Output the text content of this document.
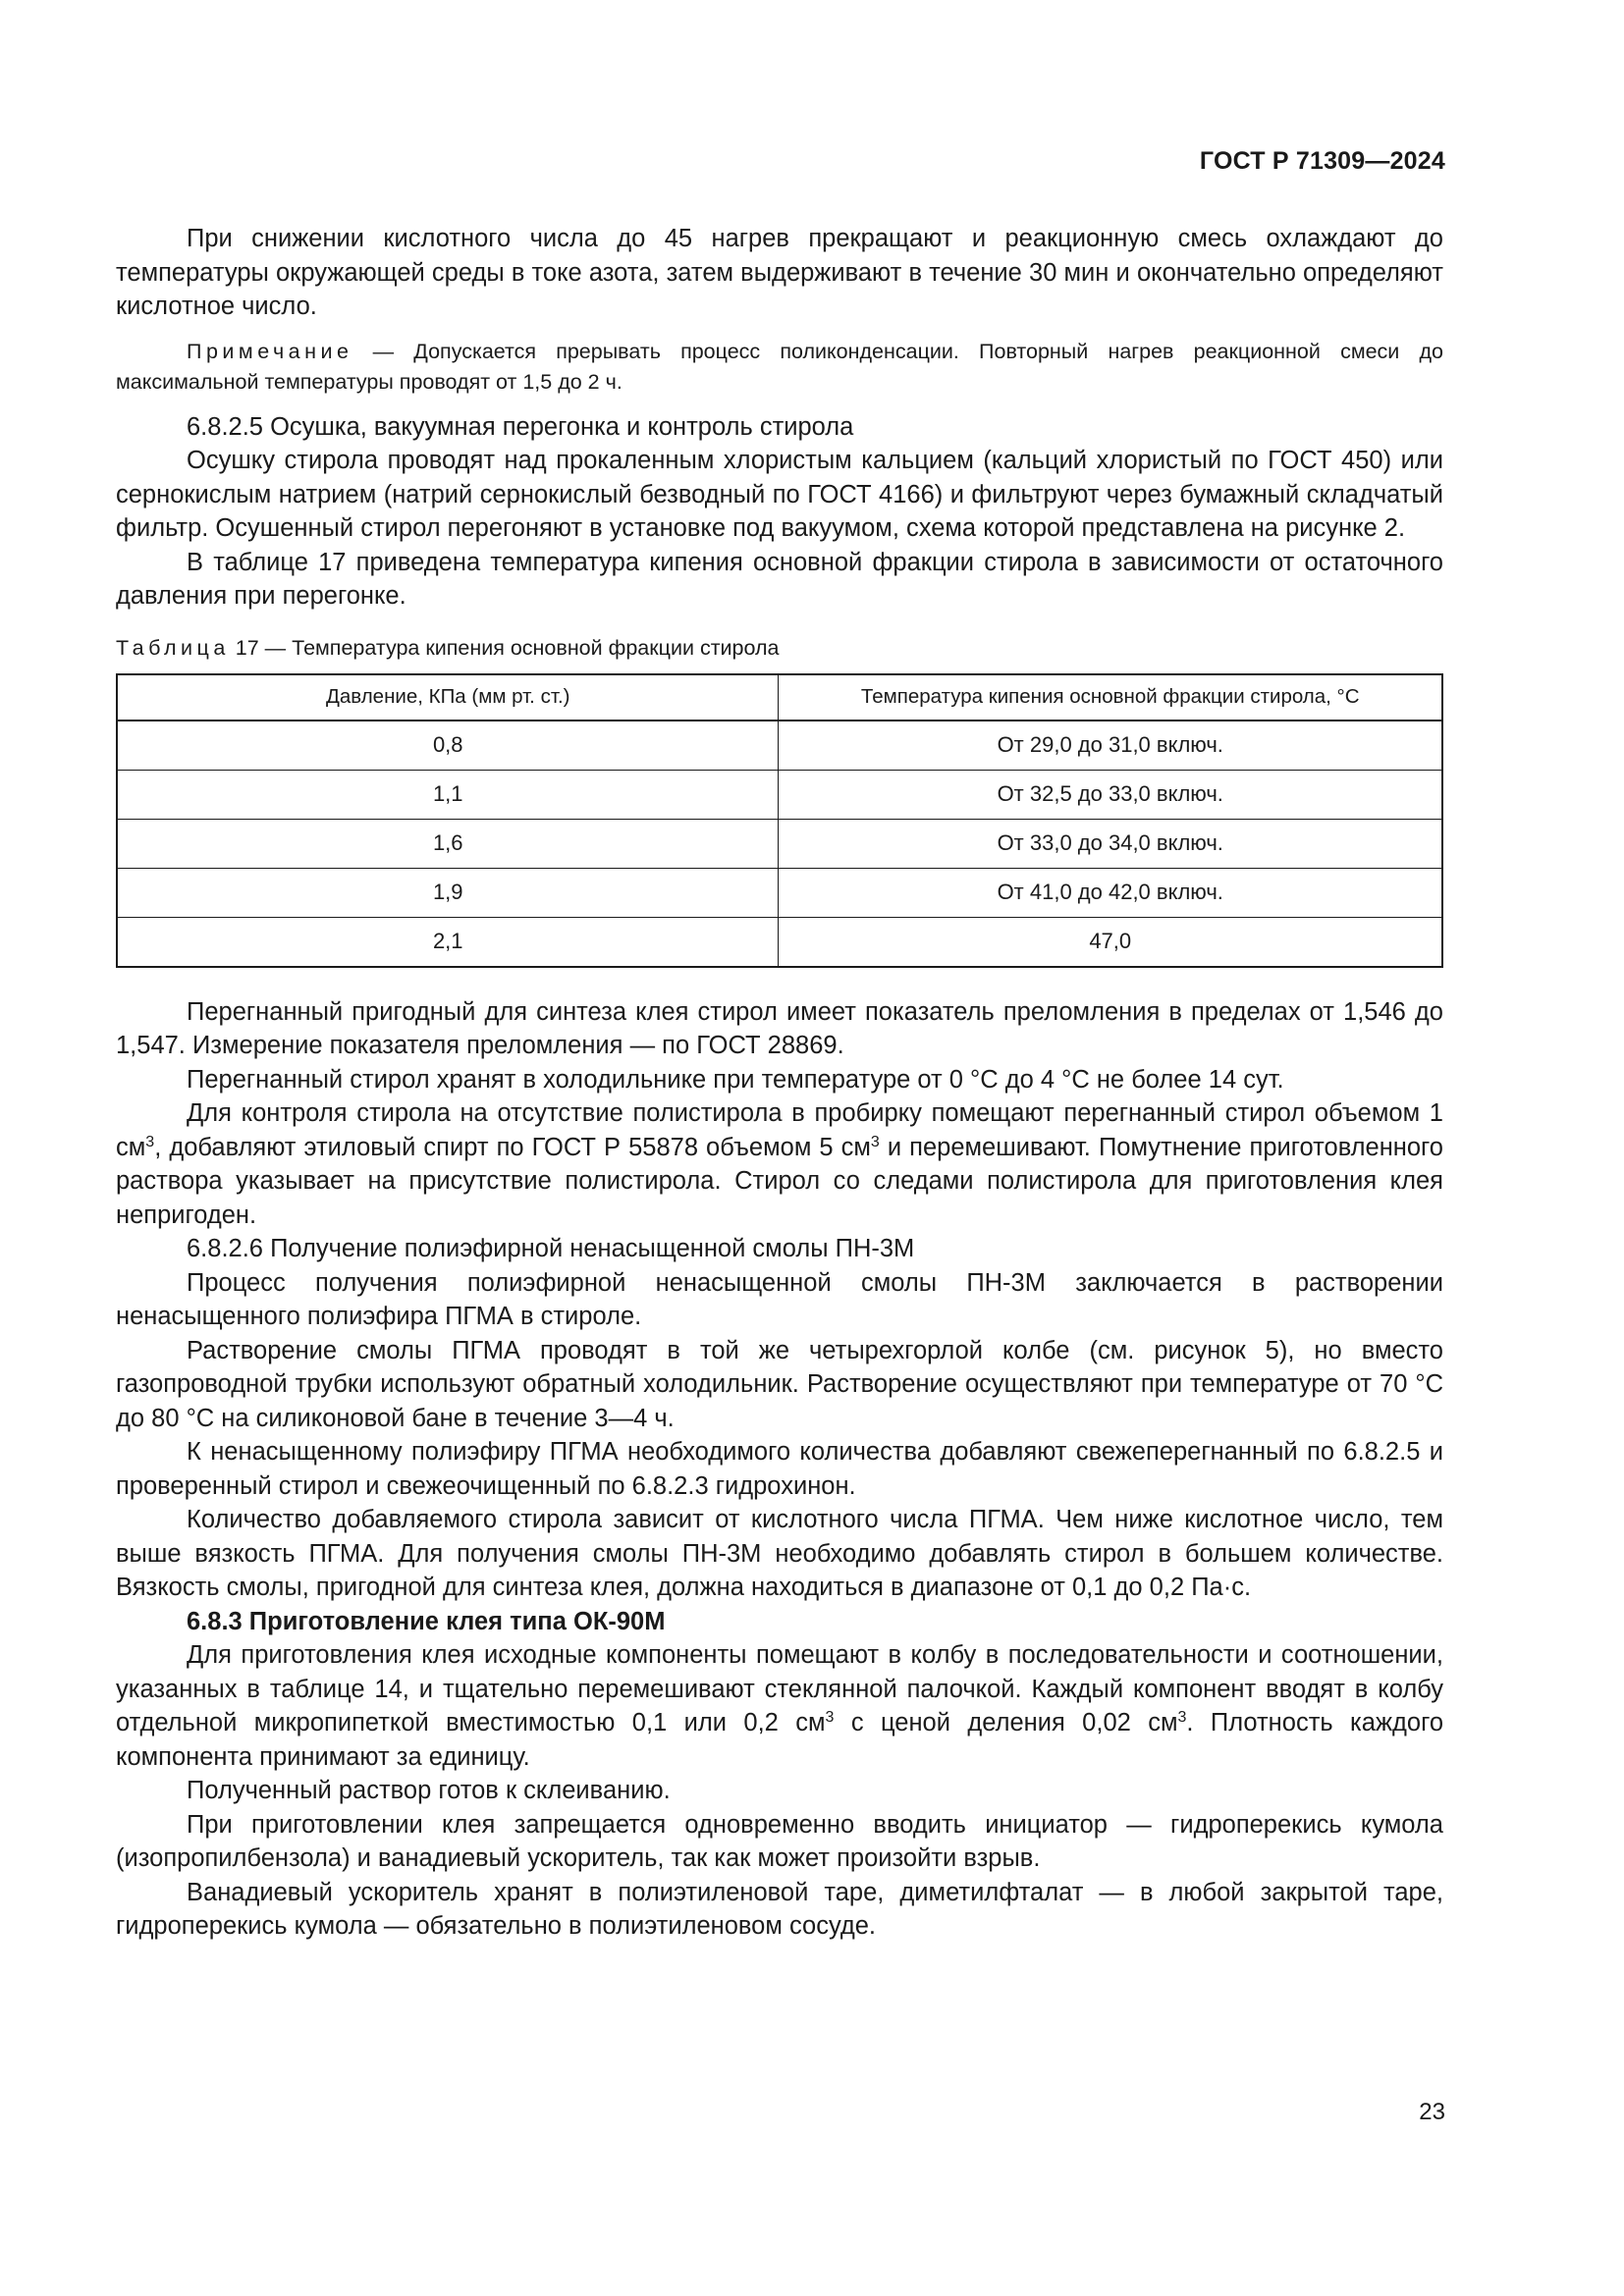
ГОСТ Р 71309—2024

При снижении кислотного числа до 45 нагрев прекращают и реакционную смесь охлаждают до температуры окружающей среды в токе азота, затем выдерживают в течение 30 мин и окончательно определяют кислотное число.

Примечание — Допускается прерывать процесс поликонденсации. Повторный нагрев реакционной смеси до максимальной температуры проводят от 1,5 до 2 ч.

6.8.2.5 Осушка, вакуумная перегонка и контроль стирола

Осушку стирола проводят над прокаленным хлористым кальцием (кальций хлористый по ГОСТ 450) или сернокислым натрием (натрий сернокислый безводный по ГОСТ 4166) и фильтруют через бумажный складчатый фильтр. Осушенный стирол перегоняют в установке под вакуумом, схема которой представлена на рисунке 2.

В таблице 17 приведена температура кипения основной фракции стирола в зависимости от остаточного давления при перегонке.

Таблица 17 — Температура кипения основной фракции стирола
Давление, КПа (мм рт. ст.)	Температура кипения основной фракции стирола, °С
0,8	От 29,0 до 31,0 включ.
1,1	От 32,5 до 33,0 включ.
1,6	От 33,0 до 34,0 включ.
1,9	От 41,0 до 42,0 включ.
2,1	47,0

Перегнанный пригодный для синтеза клея стирол имеет показатель преломления в пределах от 1,546 до 1,547. Измерение показателя преломления — по ГОСТ 28869.

Перегнанный стирол хранят в холодильнике при температуре от 0 °С до 4 °С не более 14 сут.

Для контроля стирола на отсутствие полистирола в пробирку помещают перегнанный стирол объемом 1 $см^3$, добавляют этиловый спирт по ГОСТ Р 55878 объемом 5 $см^3$ и перемешивают. Помутнение приготовленного раствора указывает на присутствие полистирола. Стирол со следами полистирола для приготовления клея непригоден.

6.8.2.6 Получение полиэфирной ненасыщенной смолы ПН-3М

Процесс получения полиэфирной ненасыщенной смолы ПН-3М заключается в растворении ненасыщенного полиэфира ПГМА в стироле.

Растворение смолы ПГМА проводят в той же четырехгорлой колбе (см. рисунок 5), но вместо газопроводной трубки используют обратный холодильник. Растворение осуществляют при температуре от 70 °С до 80 °С на силиконовой бане в течение 3—4 ч.

К ненасыщенному полиэфиру ПГМА необходимого количества добавляют свежеперегнанный по 6.8.2.5 и проверенный стирол и свежеочищенный по 6.8.2.3 гидрохинон.

Количество добавляемого стирола зависит от кислотного числа ПГМА. Чем ниже кислотное число, тем выше вязкость ПГМА. Для получения смолы ПН-3М необходимо добавлять стирол в большем количестве. Вязкость смолы, пригодной для синтеза клея, должна находиться в диапазоне от 0,1 до 0,2 Па·с.

6.8.3 Приготовление клея типа ОК-90М

Для приготовления клея исходные компоненты помещают в колбу в последовательности и соотношении, указанных в таблице 14, и тщательно перемешивают стеклянной палочкой. Каждый компонент вводят в колбу отдельной микропипеткой вместимостью 0,1 или 0,2 $см^3$ с ценой деления 0,02 $см^3$. Плотность каждого компонента принимают за единицу.

Полученный раствор готов к склеиванию.

При приготовлении клея запрещается одновременно вводить инициатор — гидроперекись кумола (изопропилбензола) и ванадиевый ускоритель, так как может произойти взрыв.

Ванадиевый ускоритель хранят в полиэтиленовой таре, диметилфталат — в любой закрытой таре, гидроперекись кумола — обязательно в полиэтиленовом сосуде.

23
